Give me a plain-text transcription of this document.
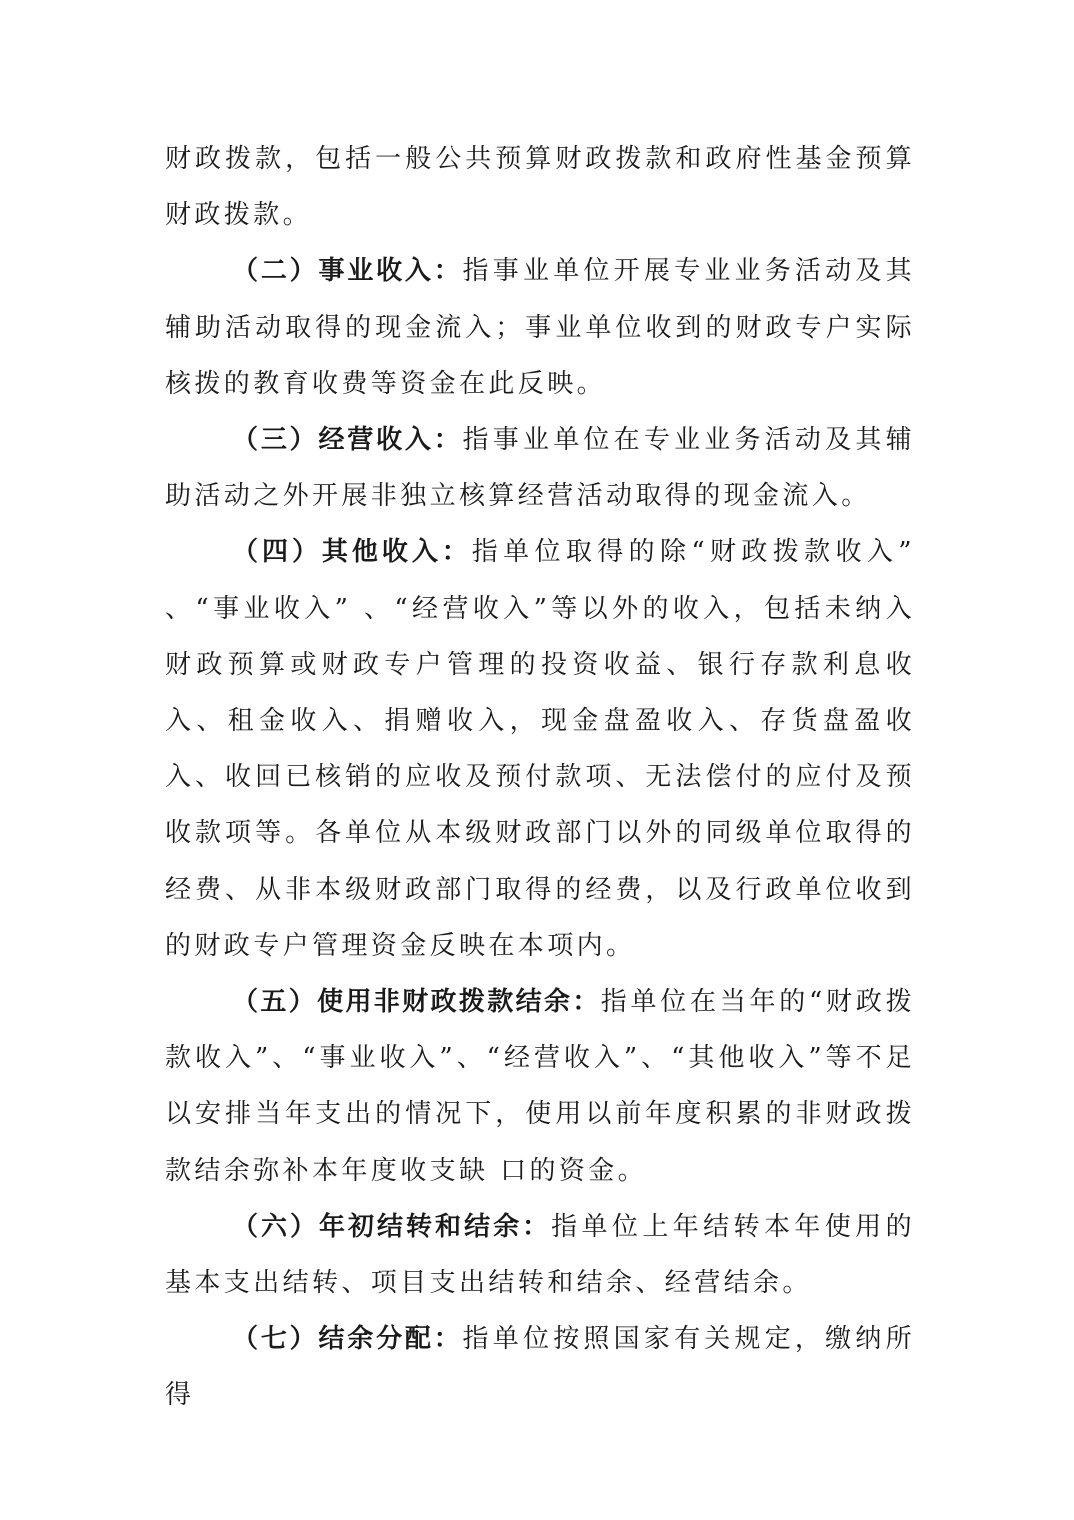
财政拨款，包括一般公共预算财政拨款和政府性基金预算财政拨款。

（二）事业收入：指事业单位开展专业业务活动及其辅助活动取得的现金流入；事业单位收到的财政专户实际核拨的教育收费等资金在此反映。

（三）经营收入：指事业单位在专业业务活动及其辅助活动之外开展非独立核算经营活动取得的现金流入。

（四）其他收入：指单位取得的除“财政拨款收入” 、“事业收入” 、“经营收入”等以外的收入，包括未纳入财政预算或财政专户管理的投资收益、银行存款利息收入、租金收入、捐赠收入，现金盘盈收入、存货盘盈收入、收回已核销的应收及预付款项、无法偿付的应付及预收款项等。各单位从本级财政部门以外的同级单位取得的经费、从非本级财政部门取得的经费，以及行政单位收到的财政专户管理资金反映在本项内。

（五）使用非财政拨款结余：指单位在当年的“财政拨款收入”、“事业收入”、“经营收入”、“其他收入”等不足以安排当年支出的情况下，使用以前年度积累的非财政拨款结余弥补本年度收支缺 口的资金。

（六）年初结转和结余：指单位上年结转本年使用的基本支出结转、项目支出结转和结余、经营结余。

（七）结余分配：指单位按照国家有关规定，缴纳所得
